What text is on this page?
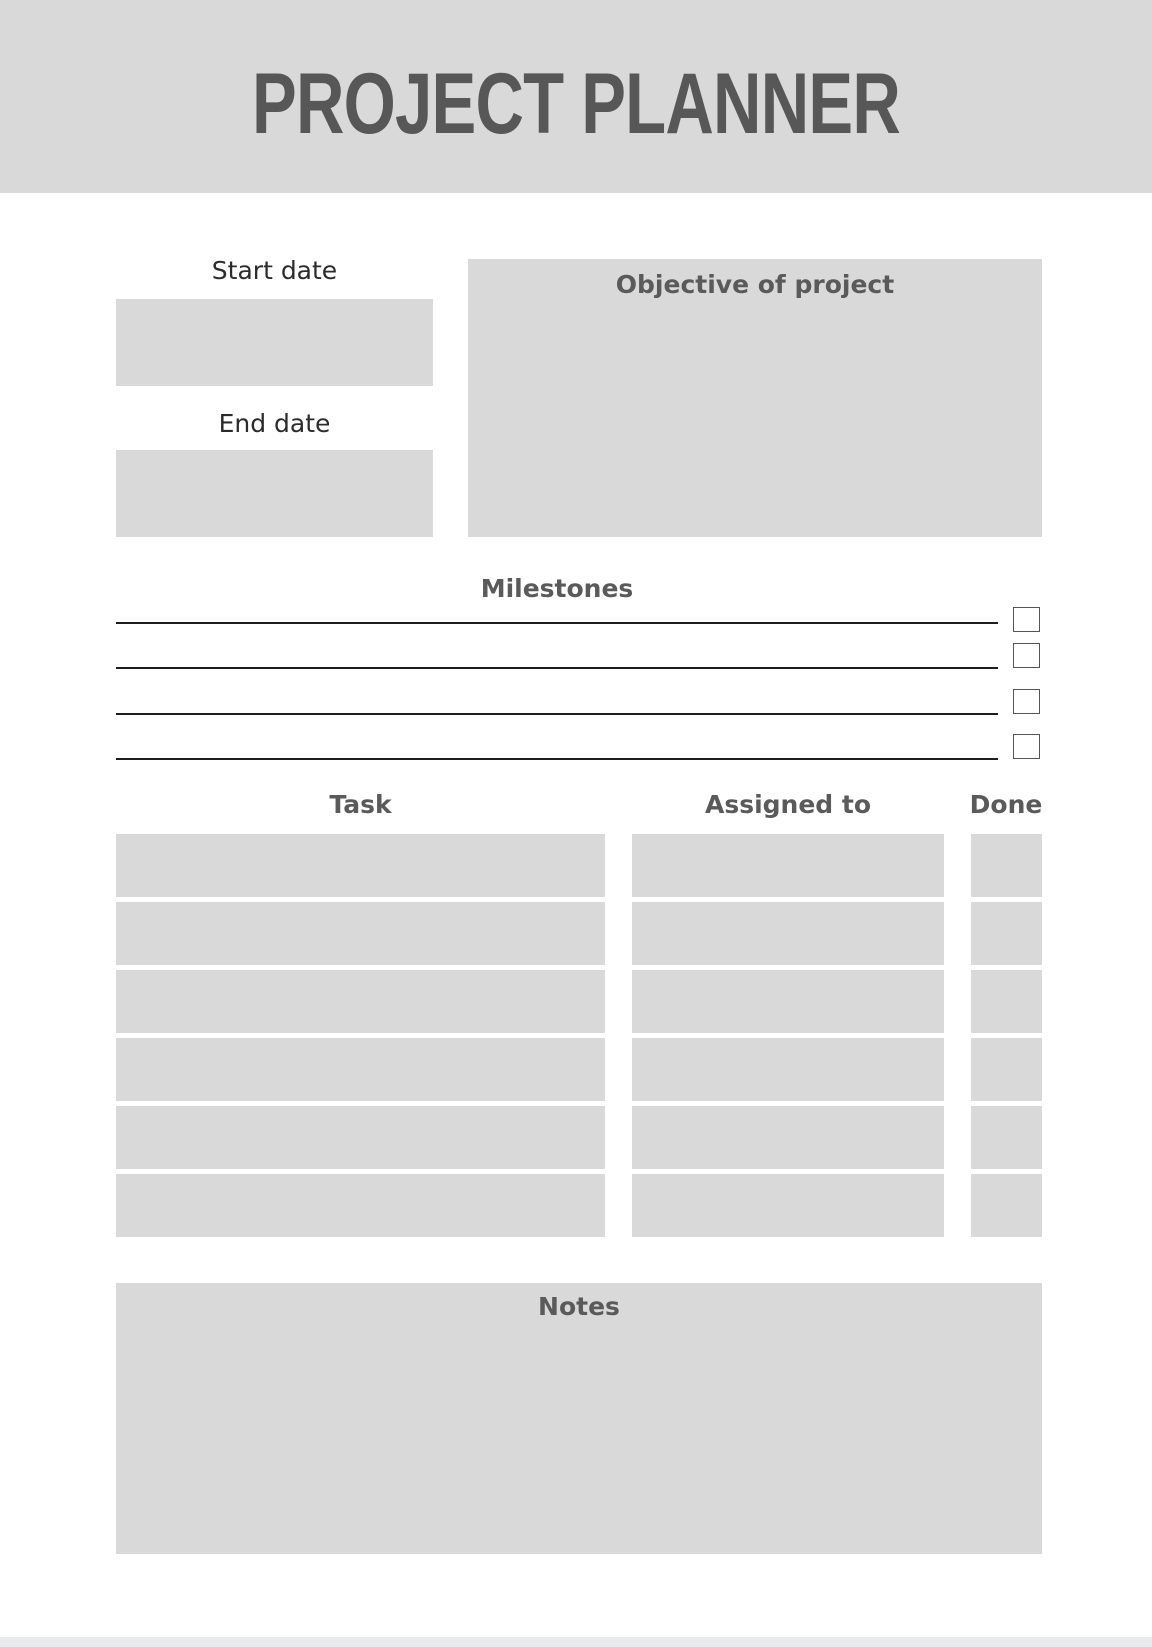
PROJECT PLANNER
Start date
End date
Objective of project
Milestones
Task	Assigned to	Done
Notes
